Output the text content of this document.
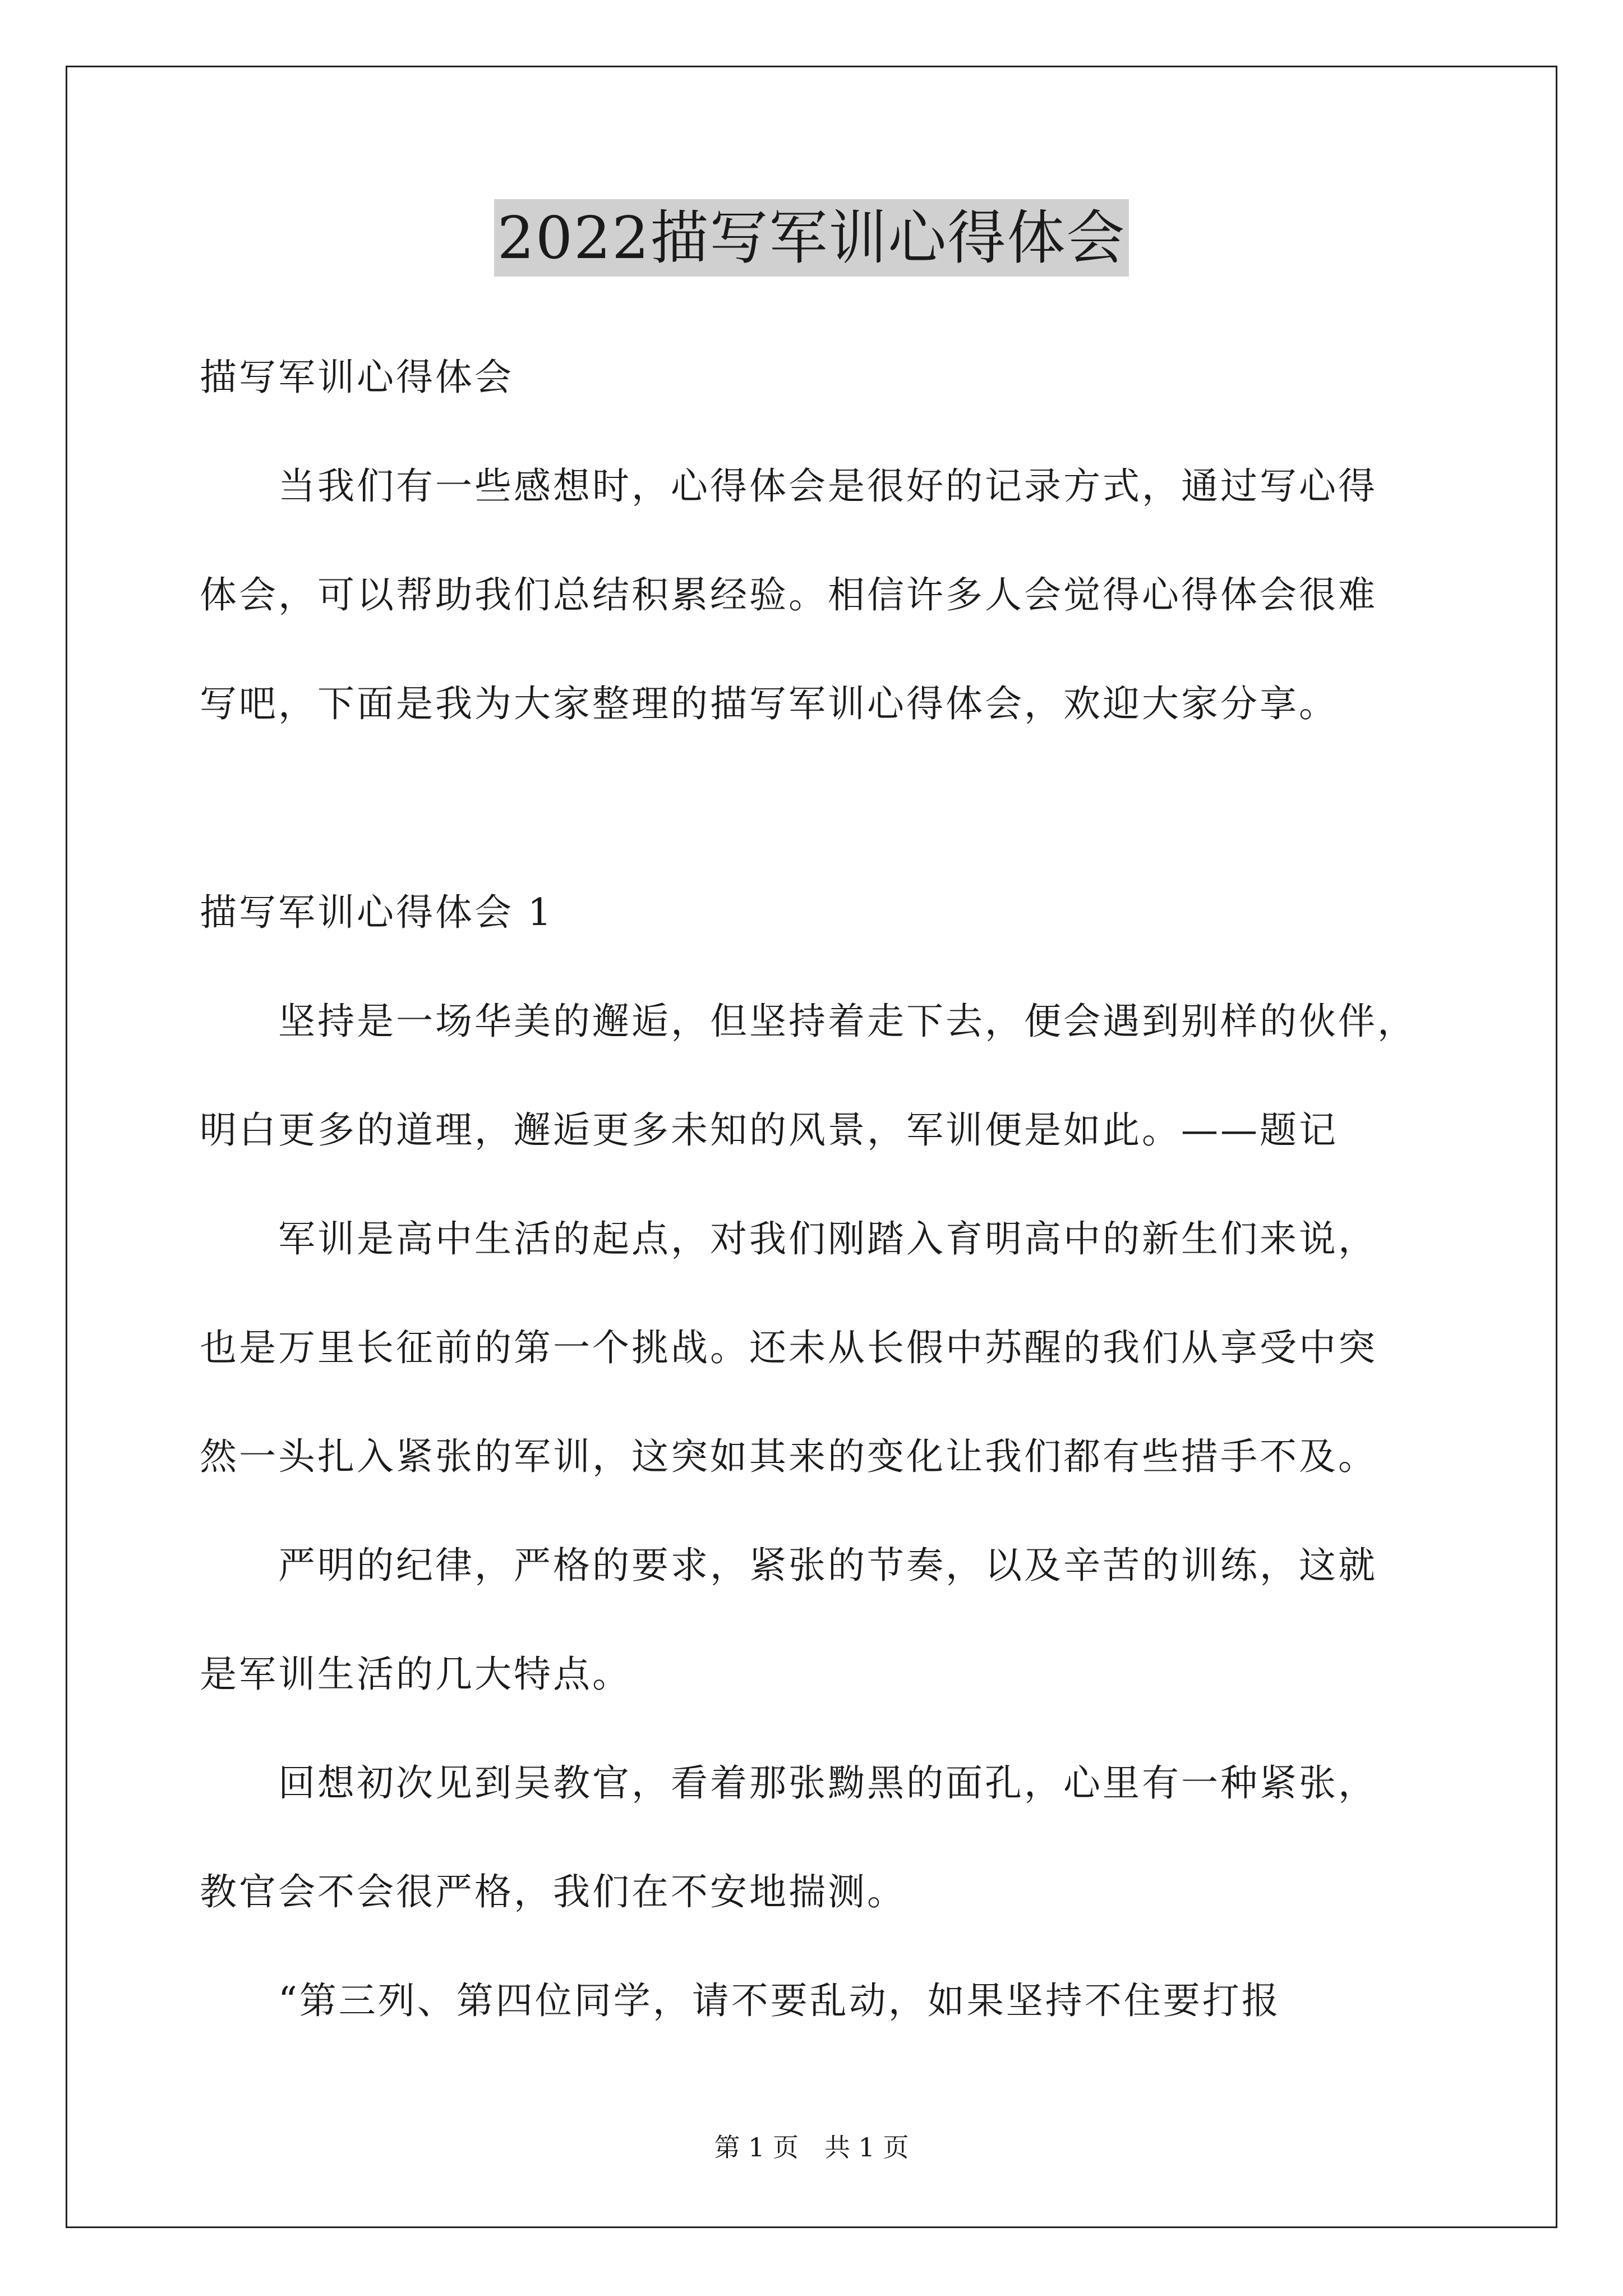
2022描写军训心得体会
描写军训心得体会
　　当我们有一些感想时，心得体会是很好的记录方式，通过写心得
体会，可以帮助我们总结积累经验。相信许多人会觉得心得体会很难
写吧，下面是我为大家整理的描写军训心得体会，欢迎大家分享。
描写军训心得体会 1
　　坚持是一场华美的邂逅，但坚持着走下去，便会遇到别样的伙伴，
明白更多的道理，邂逅更多未知的风景，军训便是如此。——题记
　　军训是高中生活的起点，对我们刚踏入育明高中的新生们来说，
也是万里长征前的第一个挑战。还未从长假中苏醒的我们从享受中突
然一头扎入紧张的军训，这突如其来的变化让我们都有些措手不及。
　　严明的纪律，严格的要求，紧张的节奏，以及辛苦的训练，这就
是军训生活的几大特点。
　　回想初次见到吴教官，看着那张黝黑的面孔，心里有一种紧张，
教官会不会很严格，我们在不安地揣测。
　　“第三列、第四位同学，请不要乱动，如果坚持不住要打报
第 1 页　共 1 页
